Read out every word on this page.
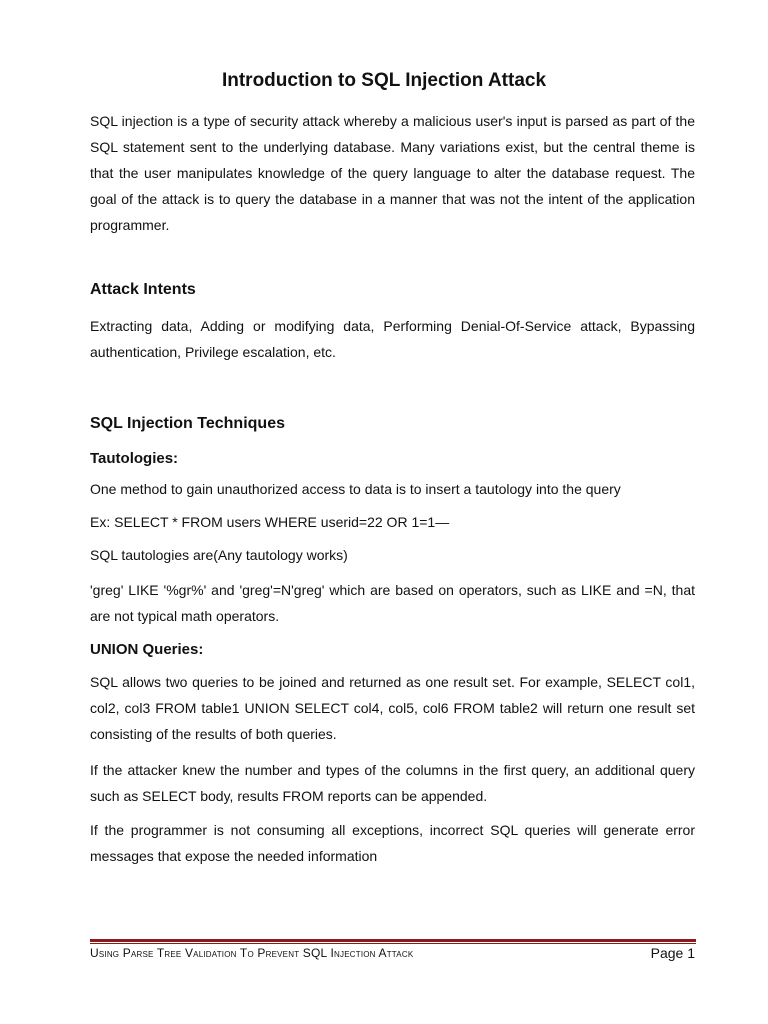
Introduction to SQL Injection Attack

SQL injection is a type of security attack whereby a malicious user's input is parsed as part of the SQL statement sent to the underlying database. Many variations exist, but the central theme is that the user manipulates knowledge of the query language to alter the database request. The goal of the attack is to query the database in a manner that was not the intent of the application programmer.

Attack Intents

Extracting data, Adding or modifying data, Performing Denial-Of-Service attack, Bypassing authentication, Privilege escalation, etc.

SQL Injection Techniques
Tautologies:

One method to gain unauthorized access to data is to insert a tautology into the query

Ex: SELECT * FROM users WHERE userid=22 OR 1=1—

SQL tautologies are(Any tautology works)

'greg' LIKE '%gr%' and 'greg'=N'greg' which are based on operators, such as LIKE and =N, that are not typical math operators.

UNION Queries:

SQL allows two queries to be joined and returned as one result set. For example, SELECT col1, col2, col3 FROM table1 UNION SELECT col4, col5, col6 FROM table2 will return one result set consisting of the results of both queries.

If the attacker knew the number and types of the columns in the first query, an additional query such as SELECT body, results FROM reports can be appended.

If the programmer is not consuming all exceptions, incorrect SQL queries will generate error messages that expose the needed information

Using Parse Tree Validation To Prevent SQL Injection Attack	Page 1
